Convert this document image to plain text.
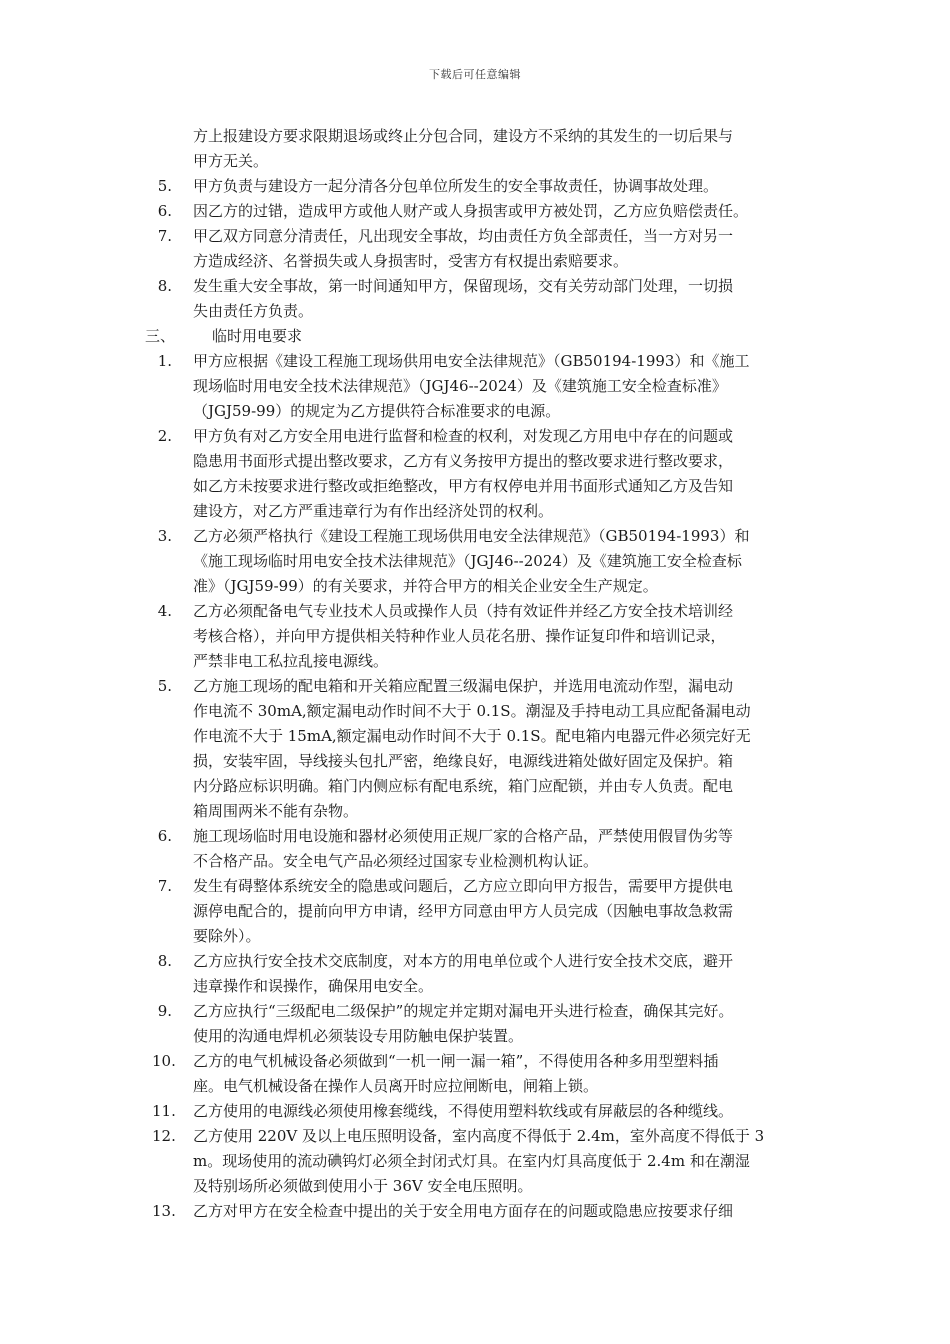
下载后可任意编辑
方上报建设方要求限期退场或终止分包合同，建设方不采纳的其发生的一切后果与
甲方无关。
5. 甲方负责与建设方一起分清各分包单位所发生的安全事故责任，协调事故处理。
6. 因乙方的过错，造成甲方或他人财产或人身损害或甲方被处罚，乙方应负赔偿责任。
7. 甲乙双方同意分清责任，凡出现安全事故，均由责任方负全部责任，当一方对另一
方造成经济、名誉损失或人身损害时，受害方有权提出索赔要求。
8. 发生重大安全事故，第一时间通知甲方，保留现场，交有关劳动部门处理，一切损
失由责任方负责。
三、 临时用电要求
1. 甲方应根据《建设工程施工现场供用电安全法律规范》（GB50194-1993）和《施工
现场临时用电安全技术法律规范》（JGJ46--2024）及《建筑施工安全检查标准》
（JGJ59-99）的规定为乙方提供符合标准要求的电源。
2. 甲方负有对乙方安全用电进行监督和检查的权利，对发现乙方用电中存在的问题或
隐患用书面形式提出整改要求，乙方有义务按甲方提出的整改要求进行整改要求，
如乙方未按要求进行整改或拒绝整改，甲方有权停电并用书面形式通知乙方及告知
建设方，对乙方严重违章行为有作出经济处罚的权利。
3. 乙方必须严格执行《建设工程施工现场供用电安全法律规范》（GB50194-1993）和
《施工现场临时用电安全技术法律规范》（JGJ46--2024）及《建筑施工安全检查标
准》（JGJ59-99）的有关要求，并符合甲方的相关企业安全生产规定。
4. 乙方必须配备电气专业技术人员或操作人员（持有效证件并经乙方安全技术培训经
考核合格），并向甲方提供相关特种作业人员花名册、操作证复印件和培训记录，
严禁非电工私拉乱接电源线。
5. 乙方施工现场的配电箱和开关箱应配置三级漏电保护，并选用电流动作型，漏电动
作电流不 30mA,额定漏电动作时间不大于 0.1S。潮湿及手持电动工具应配备漏电动
作电流不大于 15mA,额定漏电动作时间不大于 0.1S。配电箱内电器元件必须完好无
损，安装牢固，导线接头包扎严密，绝缘良好，电源线进箱处做好固定及保护。箱
内分路应标识明确。箱门内侧应标有配电系统，箱门应配锁，并由专人负责。配电
箱周围两米不能有杂物。
6. 施工现场临时用电设施和器材必须使用正规厂家的合格产品，严禁使用假冒伪劣等
不合格产品。安全电气产品必须经过国家专业检测机构认证。
7. 发生有碍整体系统安全的隐患或问题后，乙方应立即向甲方报告，需要甲方提供电
源停电配合的，提前向甲方申请，经甲方同意由甲方人员完成（因触电事故急救需
要除外）。
8. 乙方应执行安全技术交底制度，对本方的用电单位或个人进行安全技术交底，避开
违章操作和误操作，确保用电安全。
9. 乙方应执行“三级配电二级保护”的规定并定期对漏电开头进行检查，确保其完好。
使用的沟通电焊机必须装设专用防触电保护装置。
10. 乙方的电气机械设备必须做到“一机一闸一漏一箱”，不得使用各种多用型塑料插
座。电气机械设备在操作人员离开时应拉闸断电，闸箱上锁。
11. 乙方使用的电源线必须使用橡套缆线，不得使用塑料软线或有屏蔽层的各种缆线。
12. 乙方使用 220V 及以上电压照明设备，室内高度不得低于 2.4m，室外高度不得低于 3
m。现场使用的流动碘钨灯必须全封闭式灯具。在室内灯具高度低于 2.4m 和在潮湿
及特别场所必须做到使用小于 36V 安全电压照明。
13. 乙方对甲方在安全检查中提出的关于安全用电方面存在的问题或隐患应按要求仔细
